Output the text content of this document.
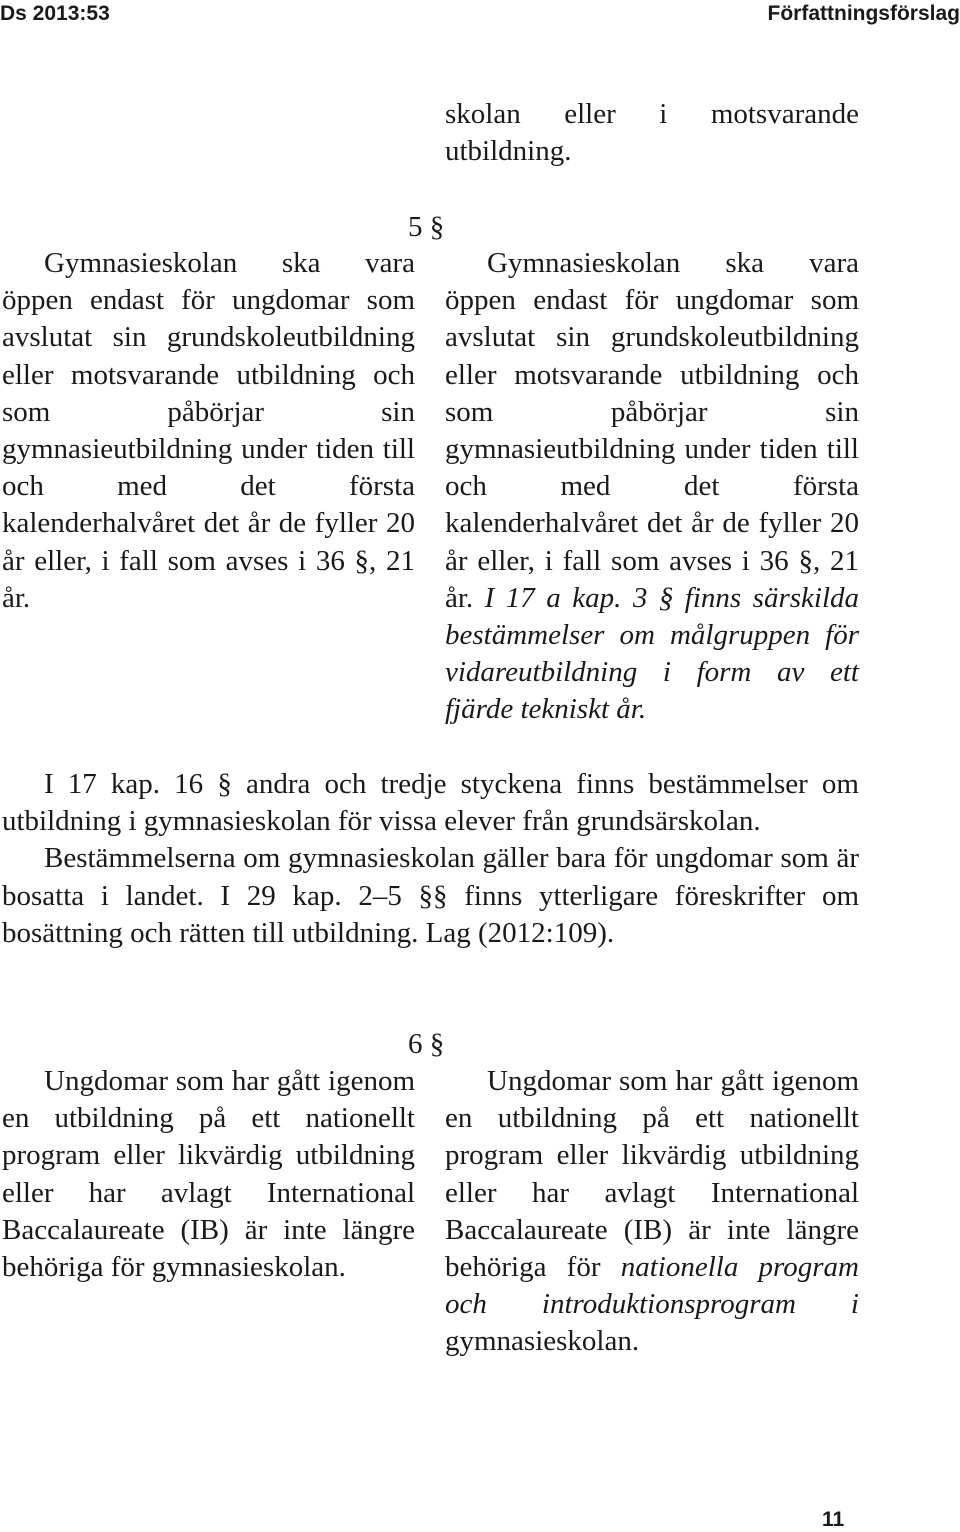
Ds 2013:53	Författningsförslag
skolan eller i motsvarande utbildning.
5 §
Gymnasieskolan ska vara öppen endast för ungdomar som avslutat sin grundskoleutbildning eller motsvarande utbildning och som påbörjar sin gymnasieutbildning under tiden till och med det första kalenderhalvåret det år de fyller 20 år eller, i fall som avses i 36 §, 21 år.
Gymnasieskolan ska vara öppen endast för ungdomar som avslutat sin grundskoleutbildning eller motsvarande utbildning och som påbörjar sin gymnasieutbildning under tiden till och med det första kalenderhalvåret det år de fyller 20 år eller, i fall som avses i 36 §, 21 år. I 17 a kap. 3 § finns särskilda bestämmelser om målgruppen för vidareutbildning i form av ett fjärde tekniskt år.
I 17 kap. 16 § andra och tredje styckena finns bestämmelser om utbildning i gymnasieskolan för vissa elever från grundsärskolan.
Bestämmelserna om gymnasieskolan gäller bara för ungdomar som är bosatta i landet. I 29 kap. 2–5 §§ finns ytterligare föreskrifter om bosättning och rätten till utbildning. Lag (2012:109).
6 §
Ungdomar som har gått igenom en utbildning på ett nationellt program eller likvärdig utbildning eller har avlagt International Baccalaureate (IB) är inte längre behöriga för gymnasieskolan.
Ungdomar som har gått igenom en utbildning på ett nationellt program eller likvärdig utbildning eller har avlagt International Baccalaureate (IB) är inte längre behöriga för nationella program och introduktionsprogram i gymnasieskolan.
11
